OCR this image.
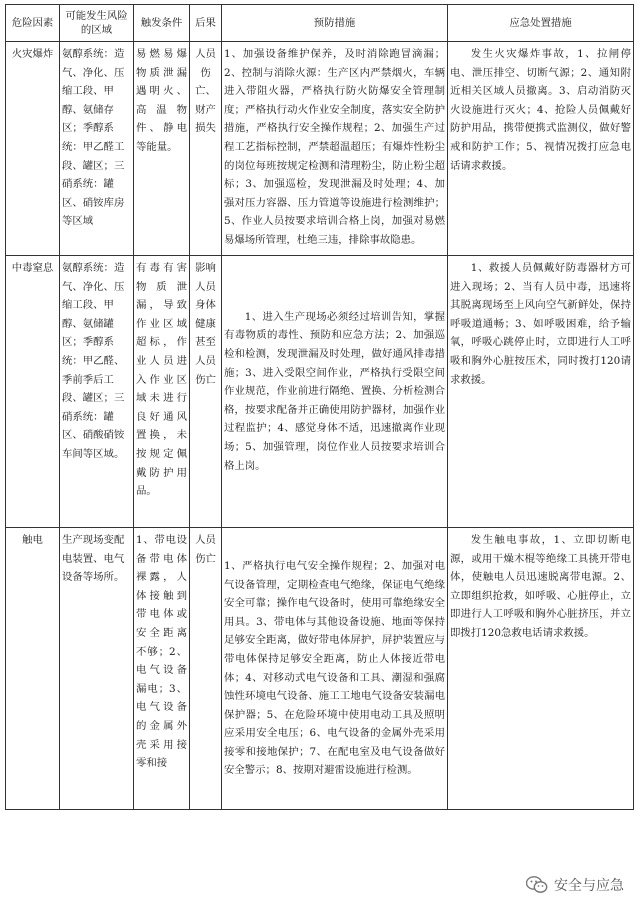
危险因素	可能发生风险的区域	触发条件	后果	预防措施	应急处置措施
火灾爆炸	氨醇系统：造气、净化、压缩工段、甲醇、氨储存区；季醇系统：甲乙醛工段、罐区；三硝系统：罐区、硝铵库房等区域	易燃易爆物质泄漏遇明火、高温物件、静电等能量。	人员伤亡、财产损失	1、加强设备维护保养，及时消除跑冒滴漏；2、控制与消除火源：生产区内严禁烟火，车辆进入带阻火器，严格执行防火防爆安全管理制度；严格执行动火作业安全制度，落实安全防护措施，严格执行安全操作规程；2、加强生产过程工艺指标控制，严禁超温超压；有爆炸性粉尘的岗位每班按规定检测和清理粉尘，防止粉尘超标；3、加强巡检，发现泄漏及时处理；4、加强对压力容器、压力管道等设施进行检测维护；5、作业人员按要求培训合格上岗，加强对易燃易爆场所管理，杜绝三违，排除事故隐患。	发生火灾爆炸事故，1、拉闸停电、泄压排空、切断气源；2、通知附近相关区域人员撤离。3、启动消防灭火设施进行灭火；4、抢险人员佩戴好防护用品，携带便携式监测仪，做好警戒和防护工作；5、视情况拨打应急电话请求救援。
中毒窒息	氨醇系统：造气、净化、压缩工段、甲醇、氨储罐区；季醇系统：甲乙醛、季前季后工段、罐区；三硝系统：罐区、硝酸硝铵车间等区域。	有毒有害物质泄漏，导致作业区域超标，作业人员进入作业区域未进行良好通风置换，未按规定佩戴防护用品。	影响人员身体健康甚至人员伤亡	1、进入生产现场必须经过培训告知，掌握有毒物质的毒性、预防和应急方法；2、加强巡检和检测，发现泄漏及时处理，做好通风排毒措施；3、进入受限空间作业，严格执行受限空间作业规范，作业前进行隔绝、置换、分析检测合格，按要求配备并正确使用防护器材，加强作业过程监护；4、感觉身体不适，迅速撤离作业现场；5、加强管理，岗位作业人员按要求培训合格上岗。	1、救援人员佩戴好防毒器材方可进入现场；2、当有人员中毒，迅速将其脱离现场至上风向空气新鲜处，保持呼吸道通畅；3、如呼吸困难，给予输氧，呼吸心跳停止时，立即进行人工呼吸和胸外心脏按压术，同时拨打120请求救援。
触电	生产现场变配电装置、电气设备等场所。	1、带电设备带电体裸露，人体接触到带电体或安全距离不够；2、电气设备漏电；3、电气设备的金属外壳采用接零和接	人员伤亡	1、严格执行电气安全操作规程；2、加强对电气设备管理，定期检查电气绝缘，保证电气绝缘安全可靠；操作电气设备时，使用可靠绝缘安全用具。3、带电体与其他设备设施、地面等保持足够安全距离，做好带电体屏护，屏护装置应与带电体保持足够安全距离，防止人体接近带电体；4、对移动式电气设备和工具、潮湿和强腐蚀性环境电气设备、施工工地电气设备安装漏电保护器；5、在危险环境中使用电动工具及照明应采用安全电压；6、电气设备的金属外壳采用接零和接地保护；7、在配电室及电气设备做好安全警示；8、按期对避雷设施进行检测。	发生触电事故，1、立即切断电源，或用干燥木棍等绝缘工具挑开带电体，使触电人员迅速脱离带电源。2、立即组织抢救，如呼吸、心脏停止，立即进行人工呼吸和胸外心脏挤压，并立即拨打120急救电话请求救援。
安全与应急
